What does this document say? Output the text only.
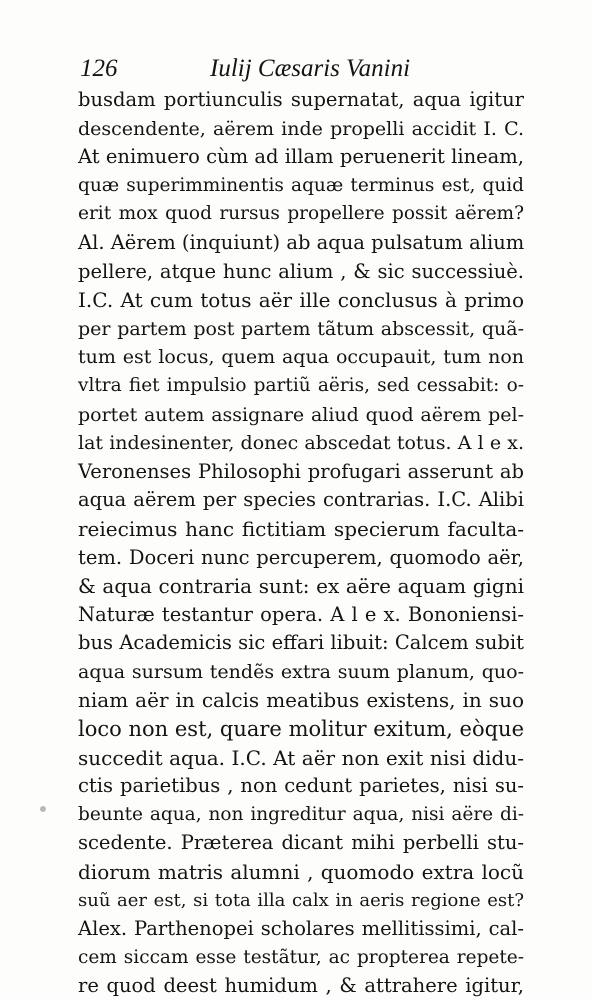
126	Iulij Cæsaris Vanini
busdam portiunculis supernatat, aqua igitur
descendente, aërem inde propelli accidit I. C.
At enimuero cùm ad illam peruenerit lineam,
quæ superimminentis aquæ terminus est, quid
erit mox quod rursus propellere possit aërem?
Al. Aërem (inquiunt) ab aqua pulsatum alium
pellere, atque hunc alium , & sic successiuè.
I.C. At cum totus aër ille conclusus à primo
per partem post partem tãtum abscessit, quã-
tum est locus, quem aqua occupauit, tum non
vltra fiet impulsio partiũ aëris, sed cessabit: o-
portet autem assignare aliud quod aërem pel-
lat indesinenter, donec abscedat totus. A l e x.
Veronenses Philosophi profugari asserunt ab
aqua aërem per species contrarias. I.C. Alibi
reiecimus hanc fictitiam specierum faculta-
tem. Doceri nunc percuperem, quomodo aër,
& aqua contraria sunt: ex aëre aquam gigni
Naturæ testantur opera. A l e x. Bononiensi-
bus Academicis sic effari libuit: Calcem subit
aqua sursum tendẽs extra suum planum, quo-
niam aër in calcis meatibus existens, in suo
loco non est, quare molitur exitum, eòque
succedit aqua. I.C. At aër non exit nisi didu-
ctis parietibus , non cedunt parietes, nisi su-
beunte aqua, non ingreditur aqua, nisi aëre di-
scedente. Præterea dicant mihi perbelli stu-
diorum matris alumni , quomodo extra locũ
suũ aer est, si tota illa calx in aeris regione est?
Alex. Parthenopei scholares mellitissimi, cal-
cem siccam esse testãtur, ac propterea repete-
re quod deest humidum , & attrahere igitur,
